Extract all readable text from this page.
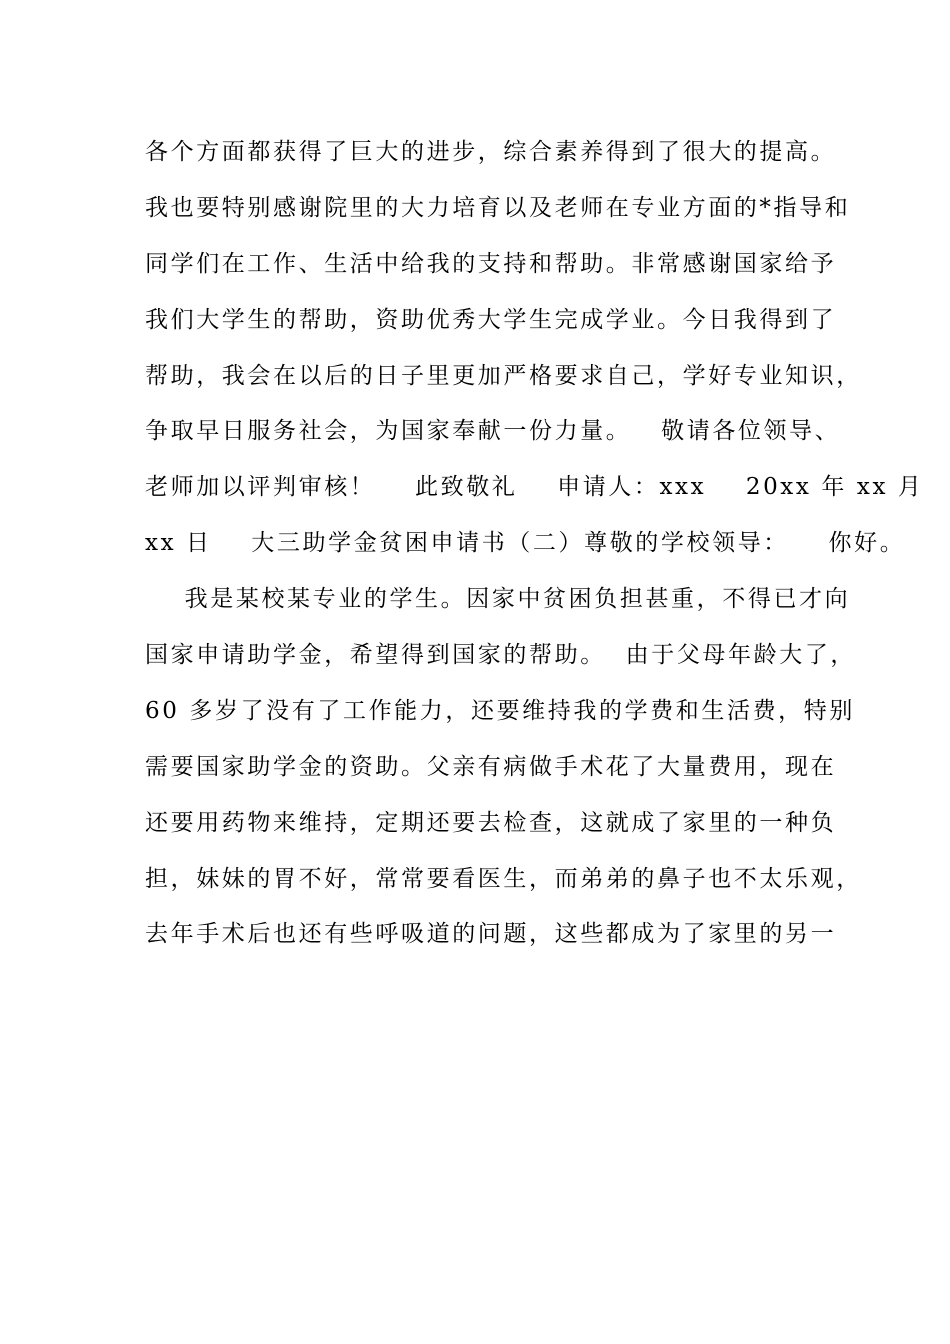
各个方面都获得了巨大的进步，综合素养得到了很大的提高。

我也要特别感谢院里的大力培育以及老师在专业方面的*指导和

同学们在工作、生活中给我的支持和帮助。非常感谢国家给予

我们大学生的帮助，资助优秀大学生完成学业。今日我得到了

帮助，我会在以后的日子里更加严格要求自己，学好专业知识，

争取早日服务社会，为国家奉献一份力量。   敬请各位领导、

老师加以评判审核！    此致敬礼    申请人：xxx    20xx 年 xx 月

xx 日    大三助学金贫困申请书（二）尊敬的学校领导：    你好。

我是某校某专业的学生。因家中贫困负担甚重，不得已才向

国家申请助学金，希望得到国家的帮助。  由于父母年龄大了，

60 多岁了没有了工作能力，还要维持我的学费和生活费，特别

需要国家助学金的资助。父亲有病做手术花了大量费用，现在

还要用药物来维持，定期还要去检查，这就成了家里的一种负

担，妹妹的胃不好，常常要看医生，而弟弟的鼻子也不太乐观，

去年手术后也还有些呼吸道的问题，这些都成为了家里的另一
